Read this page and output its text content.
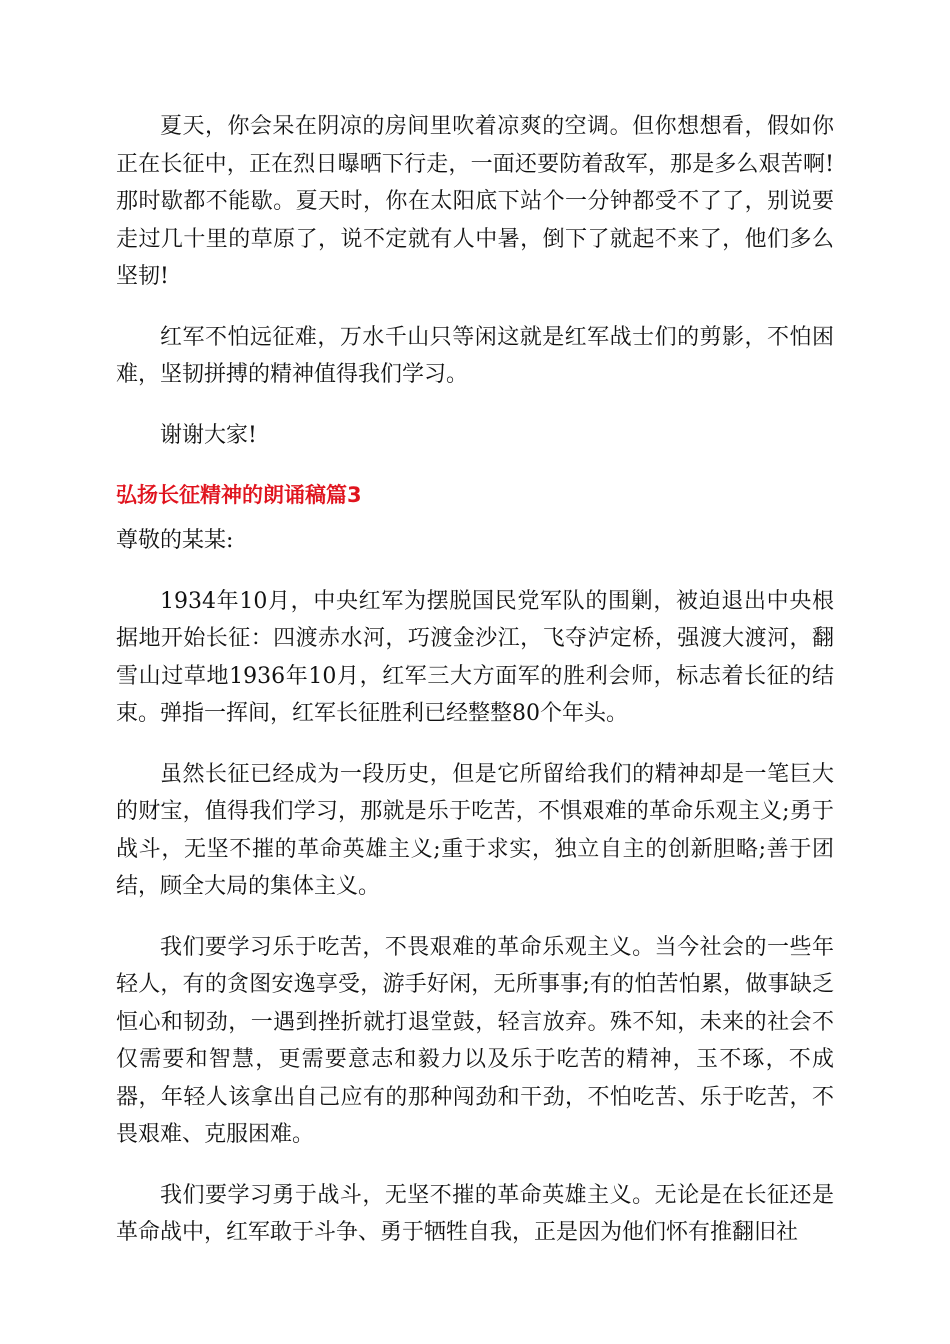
夏天，你会呆在阴凉的房间里吹着凉爽的空调。但你想想看，假如你正在长征中，正在烈日曝晒下行走，一面还要防着敌军，那是多么艰苦啊!那时歇都不能歇。夏天时，你在太阳底下站个一分钟都受不了了，别说要走过几十里的草原了，说不定就有人中暑，倒下了就起不来了，他们多么坚韧!

红军不怕远征难，万水千山只等闲这就是红军战士们的剪影，不怕困难，坚韧拼搏的精神值得我们学习。

谢谢大家!

弘扬长征精神的朗诵稿篇3

尊敬的某某:

1934年10月，中央红军为摆脱国民党军队的围剿，被迫退出中央根据地开始长征：四渡赤水河，巧渡金沙江，飞夺泸定桥，强渡大渡河，翻雪山过草地1936年10月，红军三大方面军的胜利会师，标志着长征的结束。弹指一挥间，红军长征胜利已经整整80个年头。

虽然长征已经成为一段历史，但是它所留给我们的精神却是一笔巨大的财宝，值得我们学习，那就是乐于吃苦，不惧艰难的革命乐观主义;勇于战斗，无坚不摧的革命英雄主义;重于求实，独立自主的创新胆略;善于团结，顾全大局的集体主义。

我们要学习乐于吃苦，不畏艰难的革命乐观主义。当今社会的一些年轻人，有的贪图安逸享受，游手好闲，无所事事;有的怕苦怕累，做事缺乏恒心和韧劲，一遇到挫折就打退堂鼓，轻言放弃。殊不知，未来的社会不仅需要和智慧，更需要意志和毅力以及乐于吃苦的精神，玉不琢，不成器，年轻人该拿出自己应有的那种闯劲和干劲，不怕吃苦、乐于吃苦，不畏艰难、克服困难。

我们要学习勇于战斗，无坚不摧的革命英雄主义。无论是在长征还是革命战中，红军敢于斗争、勇于牺牲自我，正是因为他们怀有推翻旧社
